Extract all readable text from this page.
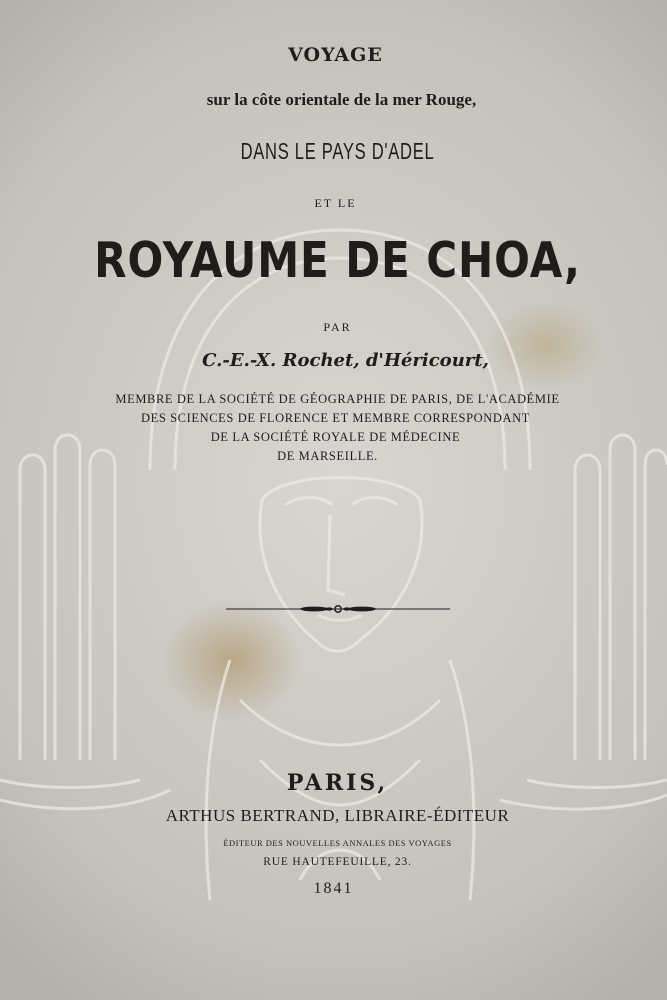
VOYAGE
sur la côte orientale de la mer Rouge,
DANS LE PAYS D'ADEL
ET LE
ROYAUME DE CHOA,
PAR
C.-E.-X. Rochet, d'Héricourt,
MEMBRE DE LA SOCIÉTÉ DE GÉOGRAPHIE DE PARIS, DE L'ACADÉMIE
DES SCIENCES DE FLORENCE ET MEMBRE CORRESPONDANT
DE LA SOCIÉTÉ ROYALE DE MÉDECINE
DE MARSEILLE.
PARIS,
ARTHUS BERTRAND, LIBRAIRE-ÉDITEUR
ÉDITEUR DES NOUVELLES ANNALES DES VOYAGES
RUE HAUTEFEUILLE, 23.
1841
